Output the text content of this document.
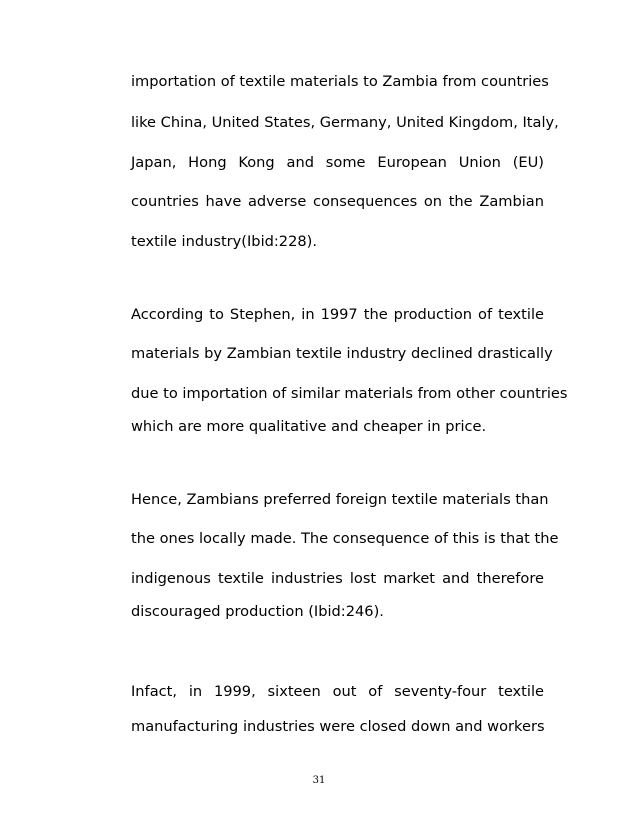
importation of textile materials to Zambia from countries
like China, United States, Germany, United Kingdom, Italy,
Japan, Hong Kong and some European Union (EU)
countries have adverse consequences on the Zambian
textile industry(Ibid:228).
According to Stephen, in 1997 the production of textile
materials by Zambian textile industry declined drastically
due to importation of similar materials from other countries
which are more qualitative and cheaper in price.
Hence, Zambians preferred foreign textile materials than
the ones locally made. The consequence of this is that the
indigenous textile industries lost market and therefore
discouraged production (Ibid:246).
Infact, in 1999, sixteen out of seventy-four textile
manufacturing industries were closed down and workers
31
